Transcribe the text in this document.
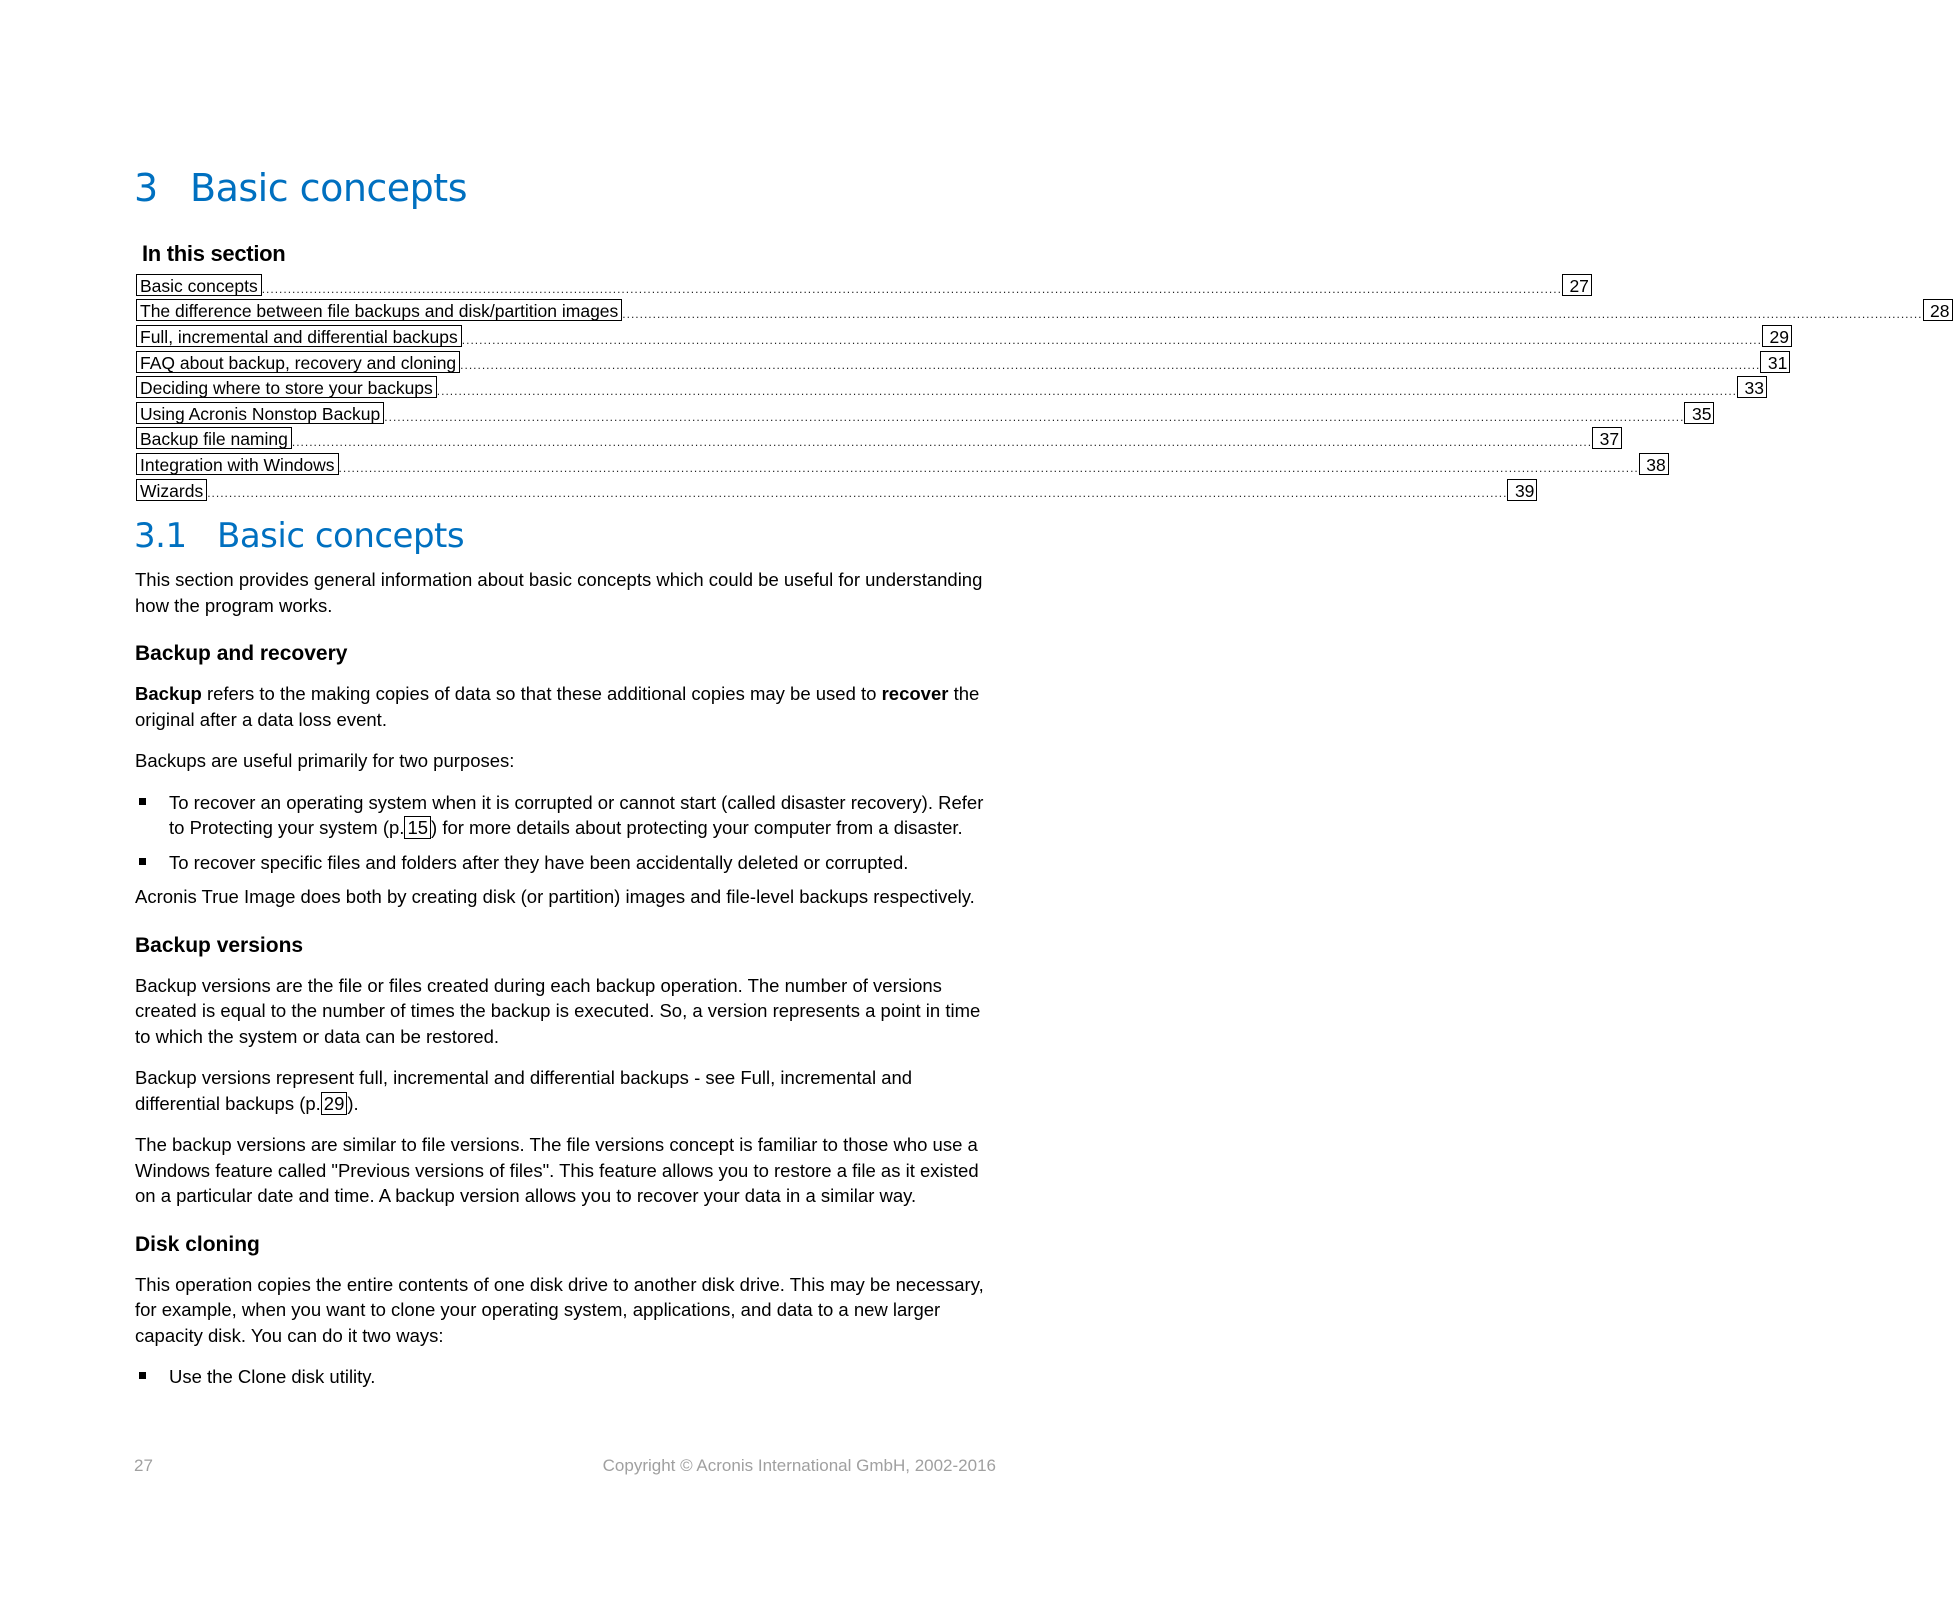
3 Basic concepts
In this section
Basic concepts ............................................................................................................................................................................................................................................................................................................ 27
The difference between file backups and disk/partition images ............................................................................................................................................................................................................................................................................................................ 28
Full, incremental and differential backups ............................................................................................................................................................................................................................................................................................................ 29
FAQ about backup, recovery and cloning ............................................................................................................................................................................................................................................................................................................ 31
Deciding where to store your backups ............................................................................................................................................................................................................................................................................................................ 33
Using Acronis Nonstop Backup ............................................................................................................................................................................................................................................................................................................ 35
Backup file naming ............................................................................................................................................................................................................................................................................................................ 37
Integration with Windows ............................................................................................................................................................................................................................................................................................................ 38
Wizards ............................................................................................................................................................................................................................................................................................................ 39
3.1 Basic concepts

This section provides general information about basic concepts which could be useful for understanding how the program works.

Backup and recovery

Backup refers to the making copies of data so that these additional copies may be used to recover the original after a data loss event.

Backups are useful primarily for two purposes:

To recover an operating system when it is corrupted or cannot start (called disaster recovery). Refer to Protecting your system (p. 15 ) for more details about protecting your computer from a disaster.
To recover specific files and folders after they have been accidentally deleted or corrupted.

Acronis True Image does both by creating disk (or partition) images and file-level backups respectively.

Backup versions

Backup versions are the file or files created during each backup operation. The number of versions created is equal to the number of times the backup is executed. So, a version represents a point in time to which the system or data can be restored.

Backup versions represent full, incremental and differential backups - see Full, incremental and differential backups (p. 29 ).

The backup versions are similar to file versions. The file versions concept is familiar to those who use a Windows feature called "Previous versions of files". This feature allows you to restore a file as it existed on a particular date and time. A backup version allows you to recover your data in a similar way.

Disk cloning

This operation copies the entire contents of one disk drive to another disk drive. This may be necessary, for example, when you want to clone your operating system, applications, and data to a new larger capacity disk. You can do it two ways:

Use the Clone disk utility.
27	Copyright © Acronis International GmbH, 2002-2016
